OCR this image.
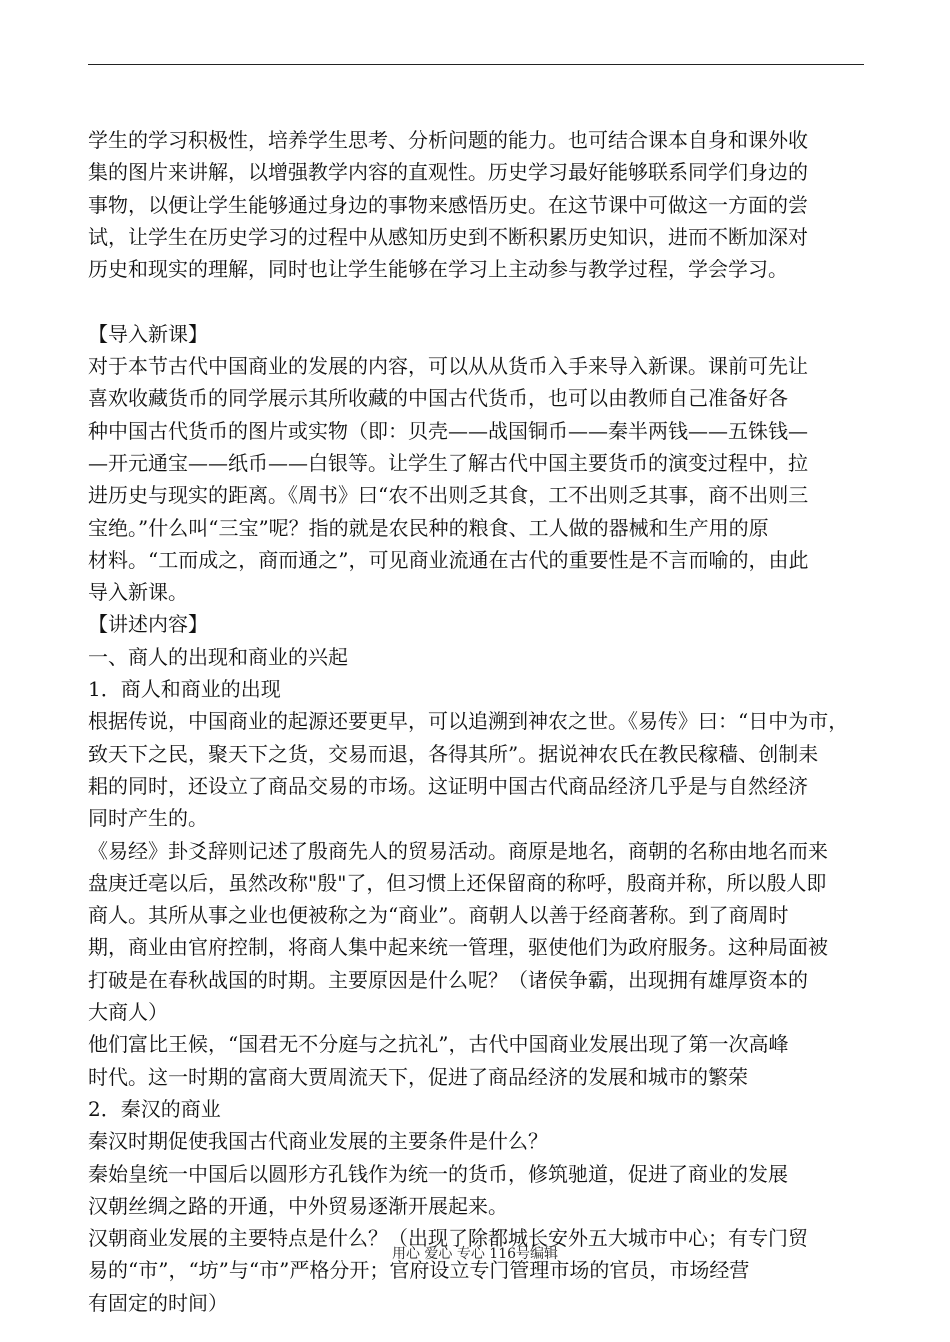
学生的学习积极性，培养学生思考、分析问题的能力。也可结合课本自身和课外收

集的图片来讲解，以增强教学内容的直观性。历史学习最好能够联系同学们身边的

事物，以便让学生能够通过身边的事物来感悟历史。在这节课中可做这一方面的尝

试，让学生在历史学习的过程中从感知历史到不断积累历史知识，进而不断加深对

历史和现实的理解，同时也让学生能够在学习上主动参与教学过程，学会学习。

【导入新课】

对于本节古代中国商业的发展的内容，可以从从货币入手来导入新课。课前可先让

喜欢收藏货币的同学展示其所收藏的中国古代货币，也可以由教师自己准备好各

种中国古代货币的图片或实物（即：贝壳——战国铜币——秦半两钱——五铢钱—

—开元通宝——纸币——白银等。让学生了解古代中国主要货币的演变过程中，拉

进历史与现实的距离。《周书》曰“农不出则乏其食，工不出则乏其事，商不出则三

宝绝。”什么叫“三宝”呢？指的就是农民种的粮食、工人做的器械和生产用的原

材料。“工而成之，商而通之”，可见商业流通在古代的重要性是不言而喻的，由此

导入新课。

【讲述内容】

一、商人的出现和商业的兴起

1．商人和商业的出现

根据传说，中国商业的起源还要更早，可以追溯到神农之世。《易传》曰：“日中为市，

致天下之民，聚天下之货，交易而退，各得其所”。据说神农氏在教民稼穑、创制耒

耜的同时，还设立了商品交易的市场。这证明中国古代商品经济几乎是与自然经济

同时产生的。

《易经》卦爻辞则记述了殷商先人的贸易活动。商原是地名，商朝的名称由地名而来

盘庚迁亳以后，虽然改称"殷"了，但习惯上还保留商的称呼，殷商并称，所以殷人即

商人。其所从事之业也便被称之为“商业”。商朝人以善于经商著称。到了商周时

期，商业由官府控制，将商人集中起来统一管理，驱使他们为政府服务。这种局面被

打破是在春秋战国的时期。主要原因是什么呢？（诸侯争霸，出现拥有雄厚资本的

大商人）

他们富比王候，“国君无不分庭与之抗礼”，古代中国商业发展出现了第一次高峰

时代。这一时期的富商大贾周流天下，促进了商品经济的发展和城市的繁荣

2．秦汉的商业

秦汉时期促使我国古代商业发展的主要条件是什么？

秦始皇统一中国后以圆形方孔钱作为统一的货币，修筑驰道，促进了商业的发展

汉朝丝绸之路的开通，中外贸易逐渐开展起来。

汉朝商业发展的主要特点是什么？（出现了除都城长安外五大城市中心；有专门贸

易的“市”，“坊”与“市”严格分开；官府设立专门管理市场的官员，市场经营

有固定的时间）

用心 爱心 专心 116号编辑
